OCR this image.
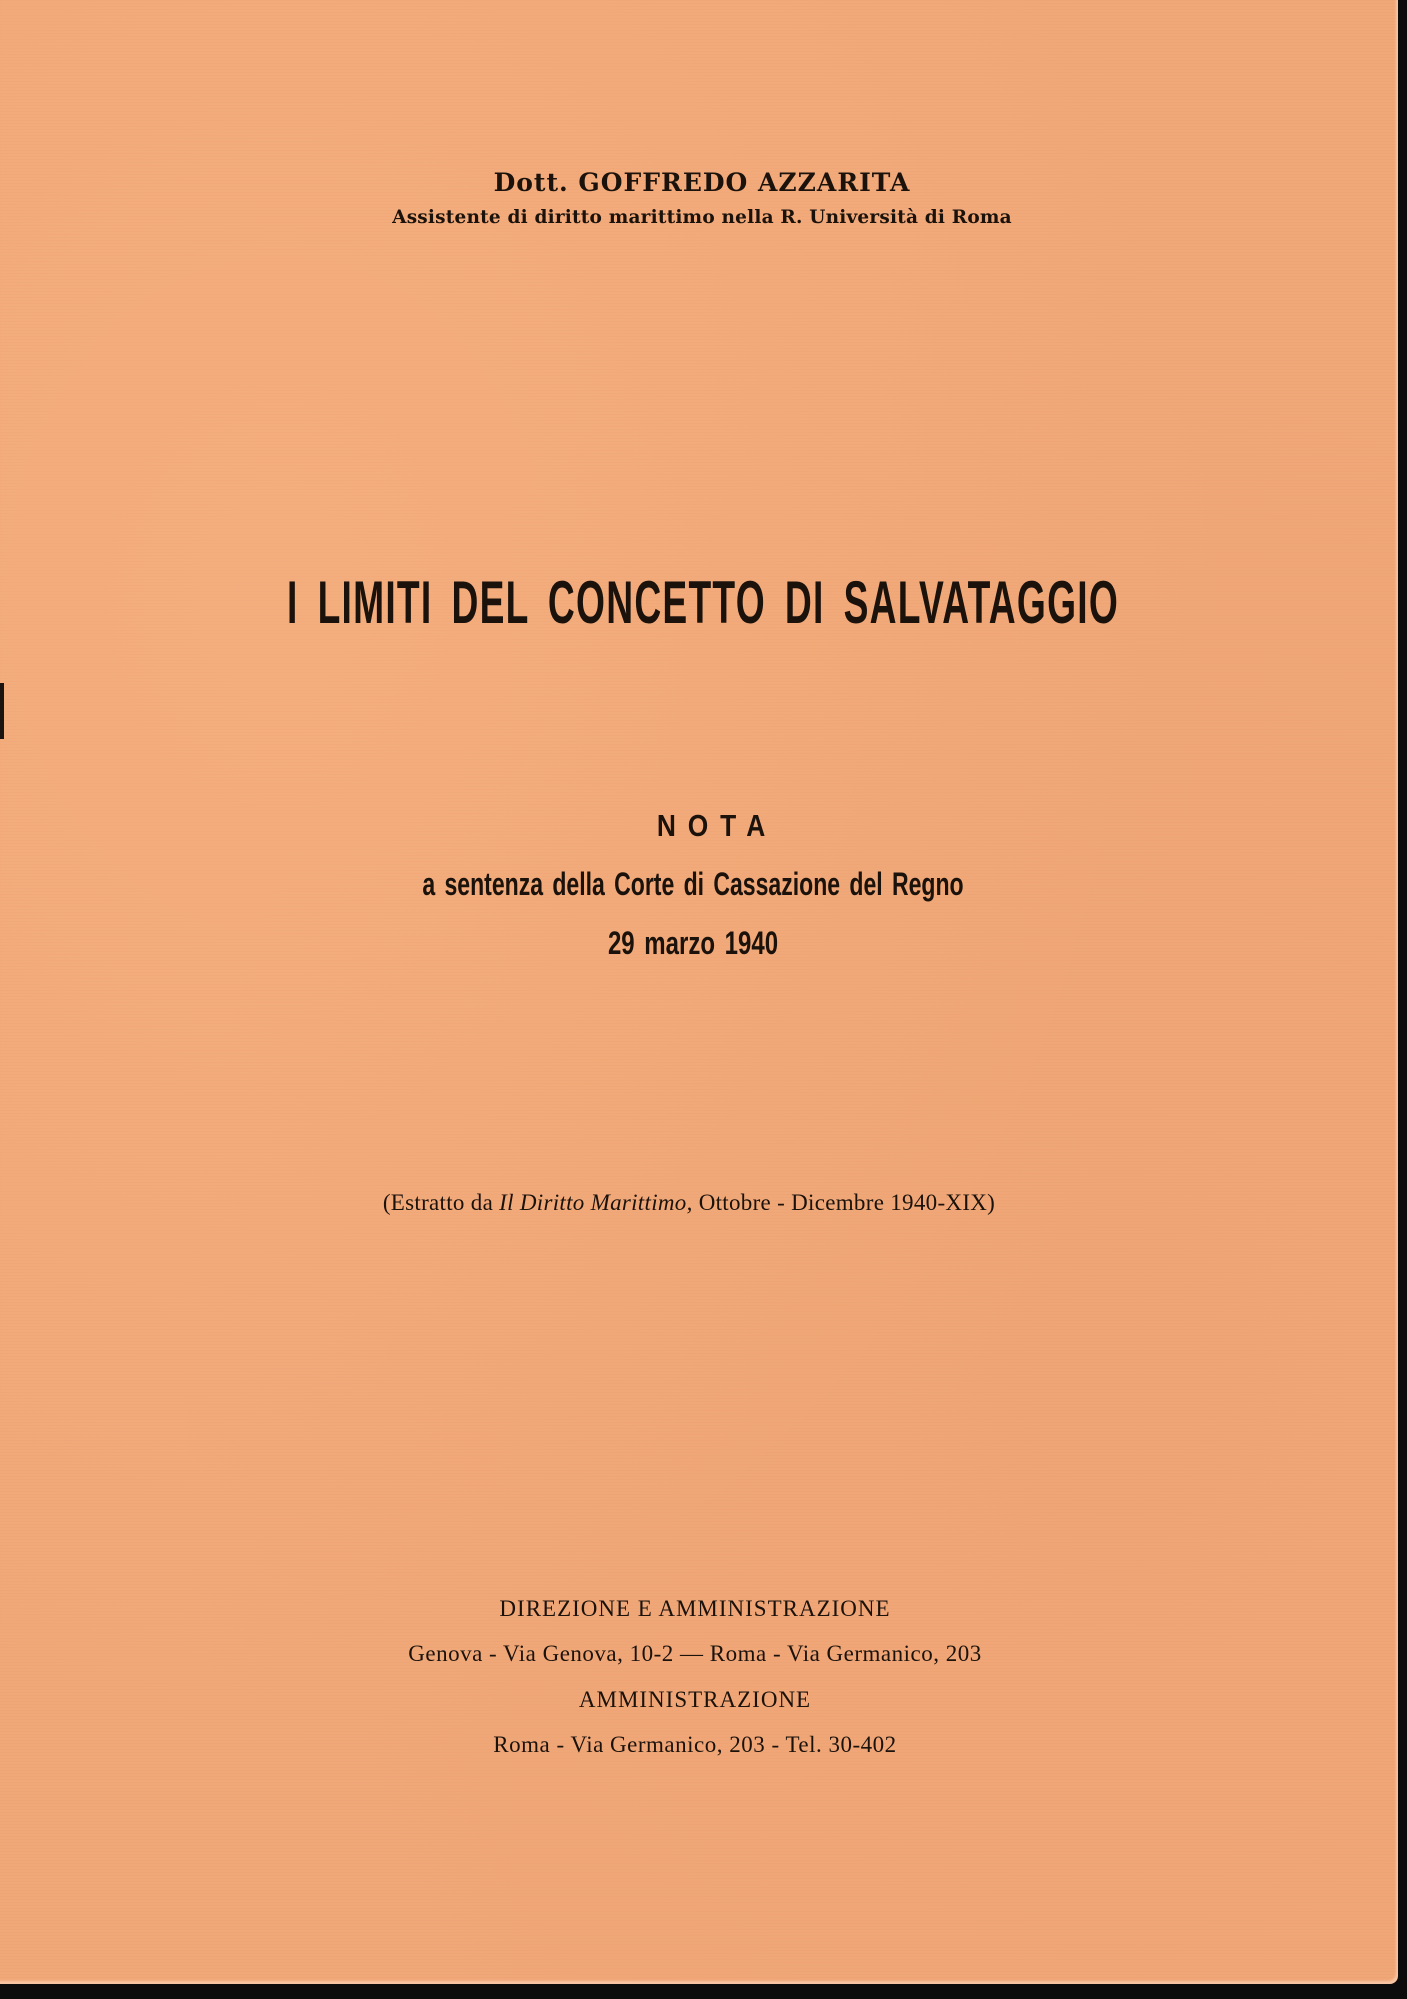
Dott. GOFFREDO AZZARITA
Assistente di diritto marittimo nella R. Università di Roma
I LIMITI DEL CONCETTO DI SALVATAGGIO
NOTA
a sentenza della Corte di Cassazione del Regno
29 marzo 1940
(Estratto da Il Diritto Marittimo, Ottobre - Dicembre 1940-XIX)
DIREZIONE E AMMINISTRAZIONE
Genova - Via Genova, 10-2 — Roma - Via Germanico, 203
AMMINISTRAZIONE
Roma - Via Germanico, 203 - Tel. 30-402
